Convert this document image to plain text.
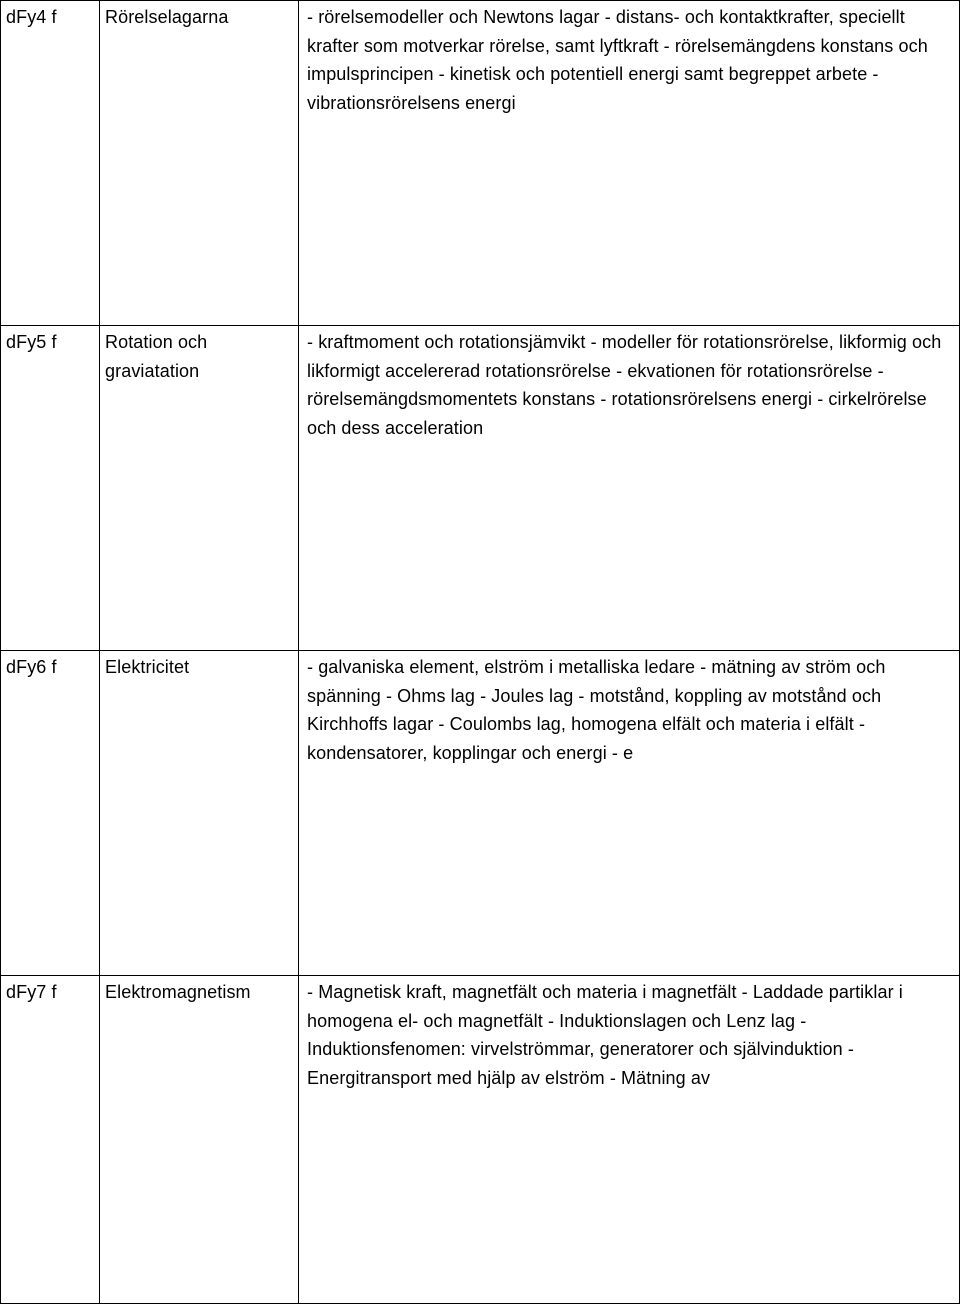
dFy4 f	Rörelselagarna	- rörelsemodeller och Newtons lagar - distans- och kontaktkrafter, speciellt krafter som motverkar rörelse, samt lyftkraft - rörelsemängdens konstans och impulsprincipen - kinetisk och potentiell energi samt begreppet arbete - vibrationsrörelsens energi

dFy5 f	Rotation och graviatation	- kraftmoment och rotationsjämvikt - modeller för rotationsrörelse, likformig och likformigt accelererad rotationsrörelse - ekvationen för rotationsrörelse - rörelsemängdsmomentets konstans - rotationsrörelsens energi - cirkelrörelse och dess acceleration

dFy6 f	Elektricitet	- galvaniska element, elström i metalliska ledare - mätning av ström och spänning - Ohms lag - Joules lag - motstånd, koppling av motstånd och Kirchhoffs lagar - Coulombs lag, homogena elfält och materia i elfält - kondensatorer, kopplingar och energi - e

dFy7 f	Elektromagnetism	- Magnetisk kraft, magnetfält och materia i magnetfält - Laddade partiklar i homogena el- och magnetfält - Induktionslagen och Lenz lag - Induktionsfenomen: virvelströmmar, generatorer och självinduktion - Energitransport med hjälp av elström - Mätning av
